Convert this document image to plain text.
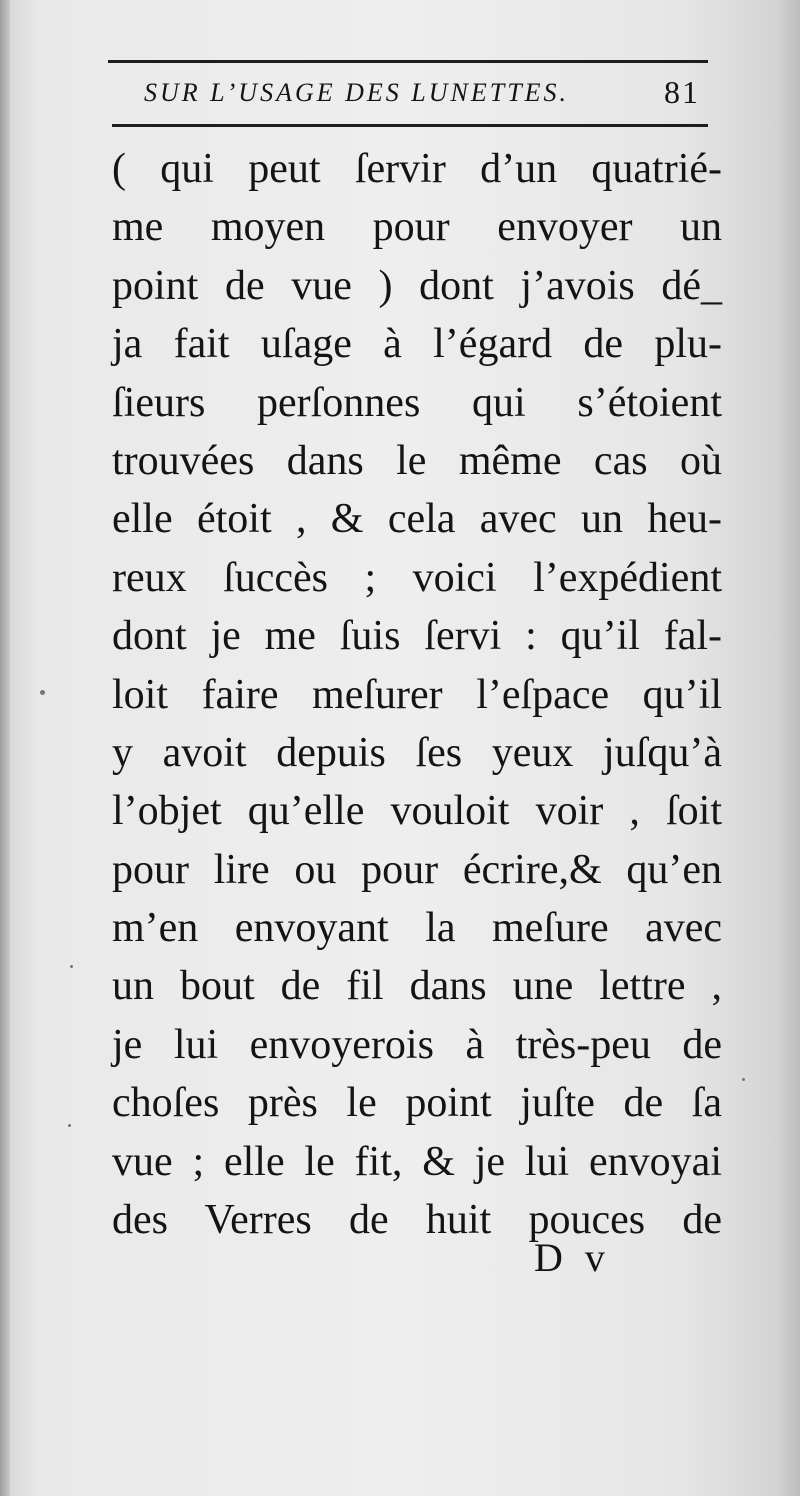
SUR L’USAGE DES LUNETTES.	81
( qui peut ſervir d’un quatrié-
me moyen pour envoyer un
point de vue ) dont j’avois dé_
ja fait uſage à l’égard de plu-
ſieurs perſonnes qui s’étoient
trouvées dans le même cas où
elle étoit , & cela avec un heu-
reux ſuccès ; voici l’expédient
dont je me ſuis ſervi : qu’il fal-
loit faire meſurer l’eſpace qu’il
y avoit depuis ſes yeux juſqu’à
l’objet qu’elle vouloit voir , ſoit
pour lire ou pour écrire,& qu’en
m’en envoyant la meſure avec
un bout de fil dans une lettre ,
je lui envoyerois à très-peu de
choſes près le point juſte de ſa
vue ; elle le fit, & je lui envoyai
des Verres de huit pouces de
D v
